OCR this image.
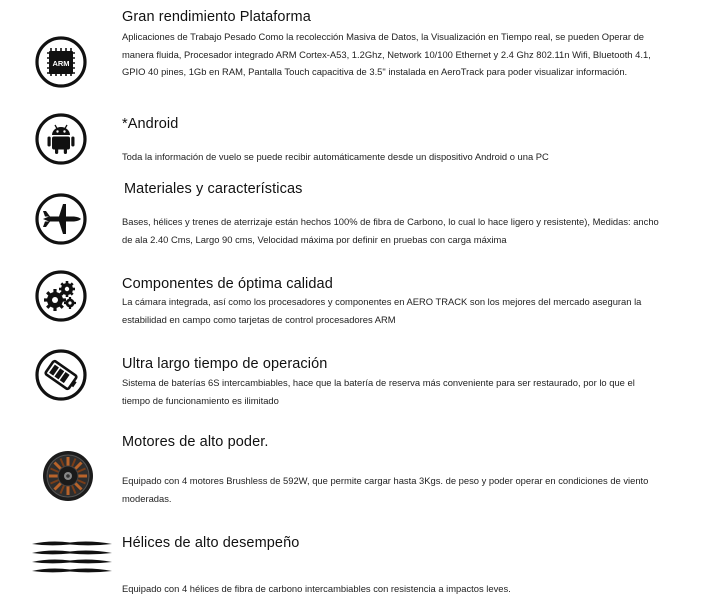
ARM
Gran rendimiento Plataforma
Aplicaciones de Trabajo Pesado Como la recolección Masiva de Datos, la Visualización en Tiempo real, se pueden Operar de manera fluida, Procesador integrado ARM Cortex-A53, 1.2Ghz, Network 10/100 Ethernet y 2.4 Ghz 802.11n Wifi, Bluetooth 4.1, GPIO 40 pines, 1Gb en RAM, Pantalla Touch capacitiva de 3.5" instalada en AeroTrack para poder visualizar información.
*Android
Toda la información de vuelo se puede recibir automáticamente desde un dispositivo Android o una PC
Materiales y características
Bases, hélices y trenes de aterrizaje están hechos 100% de fibra de Carbono, lo cual lo hace ligero y resistente), Medidas: ancho de ala 2.40 Cms, Largo 90 cms, Velocidad máxima por definir en pruebas con carga máxima
Componentes de óptima calidad
La cámara integrada, así como los procesadores y componentes en AERO TRACK son los mejores del mercado aseguran la estabilidad en campo como tarjetas de control procesadores ARM
Ultra largo tiempo de operación
Sistema de baterías 6S intercambiables, hace que la batería de reserva más conveniente para ser restaurado, por lo que el tiempo de funcionamiento es ilimitado
Motores de alto poder.
Equipado con 4 motores Brushless de 592W, que permite cargar hasta 3Kgs. de peso y poder operar en condiciones de viento moderadas.
Hélices de alto desempeño
Equipado con 4 hélices de fibra de carbono intercambiables con resistencia a impactos leves.
